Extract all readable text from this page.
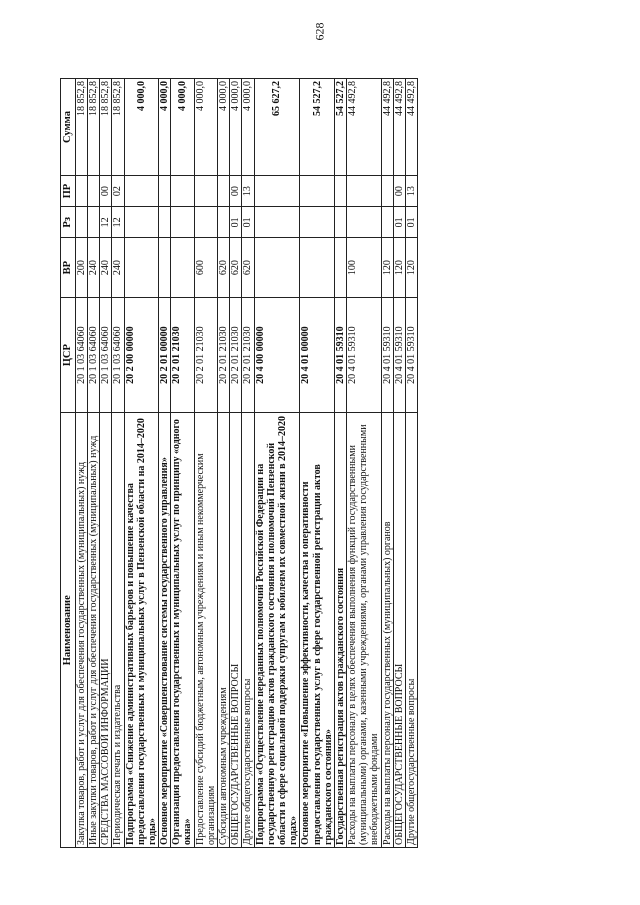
628
Наименование	ЦСР	ВР	Рз	ПР	Сумма
Закупка товаров, работ и услуг для обеспечения государственных (муниципальных) нужд	20 1 03 64060	200			18 852,8
Иные закупки товаров, работ и услуг для обеспечения государственных (муниципальных) нужд	20 1 03 64060	240			18 852,8
СРЕДСТВА МАССОВОЙ ИНФОРМАЦИИ	20 1 03 64060	240	12	00	18 852,8
Периодическая печать и издательства	20 1 03 64060	240	12	02	18 852,8
Подпрограмма «Снижение административных барьеров и повышение качества предоставления государственных и муниципальных услуг в Пензенской области на 2014–2020 годы»	20 2 00 00000				4 000,0
Основное мероприятие «Совершенствование системы государственного управления»	20 2 01 00000				4 000,0
Организация предоставления государственных и муниципальных услуг по принципу «одного окна»	20 2 01 21030				4 000,0
Предоставление субсидий бюджетным, автономным учреждениям и иным некоммерческим организациям	20 2 01 21030	600			4 000,0
Субсидии автономным учреждениям	20 2 01 21030	620			4 000,0
ОБЩЕГОСУДАРСТВЕННЫЕ ВОПРОСЫ	20 2 01 21030	620	01	00	4 000,0
Другие общегосударственные вопросы	20 2 01 21030	620	01	13	4 000,0
Подпрограмма «Осуществление переданных полномочий Российской Федерации на государственную регистрацию актов гражданского состояния и полномочий Пензенской области в сфере социальной поддержки супругам к юбилеям их совместной жизни в 2014–2020 годах»	20 4 00 00000				65 627,2
Основное мероприятие «Повышение эффективности, качества и оперативности предоставления государственных услуг в сфере государственной регистрации актов гражданского состояния»	20 4 01 00000				54 527,2
Государственная регистрация актов гражданского состояния	20 4 01 59310				54 527,2
Расходы на выплаты персоналу в целях обеспечения выполнения функций государственными (муниципальными) органами, казенными учреждениями, органами управления государственными внебюджетными фондами	20 4 01 59310	100			44 492,8
Расходы на выплаты персоналу государственных (муниципальных) органов	20 4 01 59310	120			44 492,8
ОБЩЕГОСУДАРСТВЕННЫЕ ВОПРОСЫ	20 4 01 59310	120	01	00	44 492,8
Другие общегосударственные вопросы	20 4 01 59310	120	01	13	44 492,8
